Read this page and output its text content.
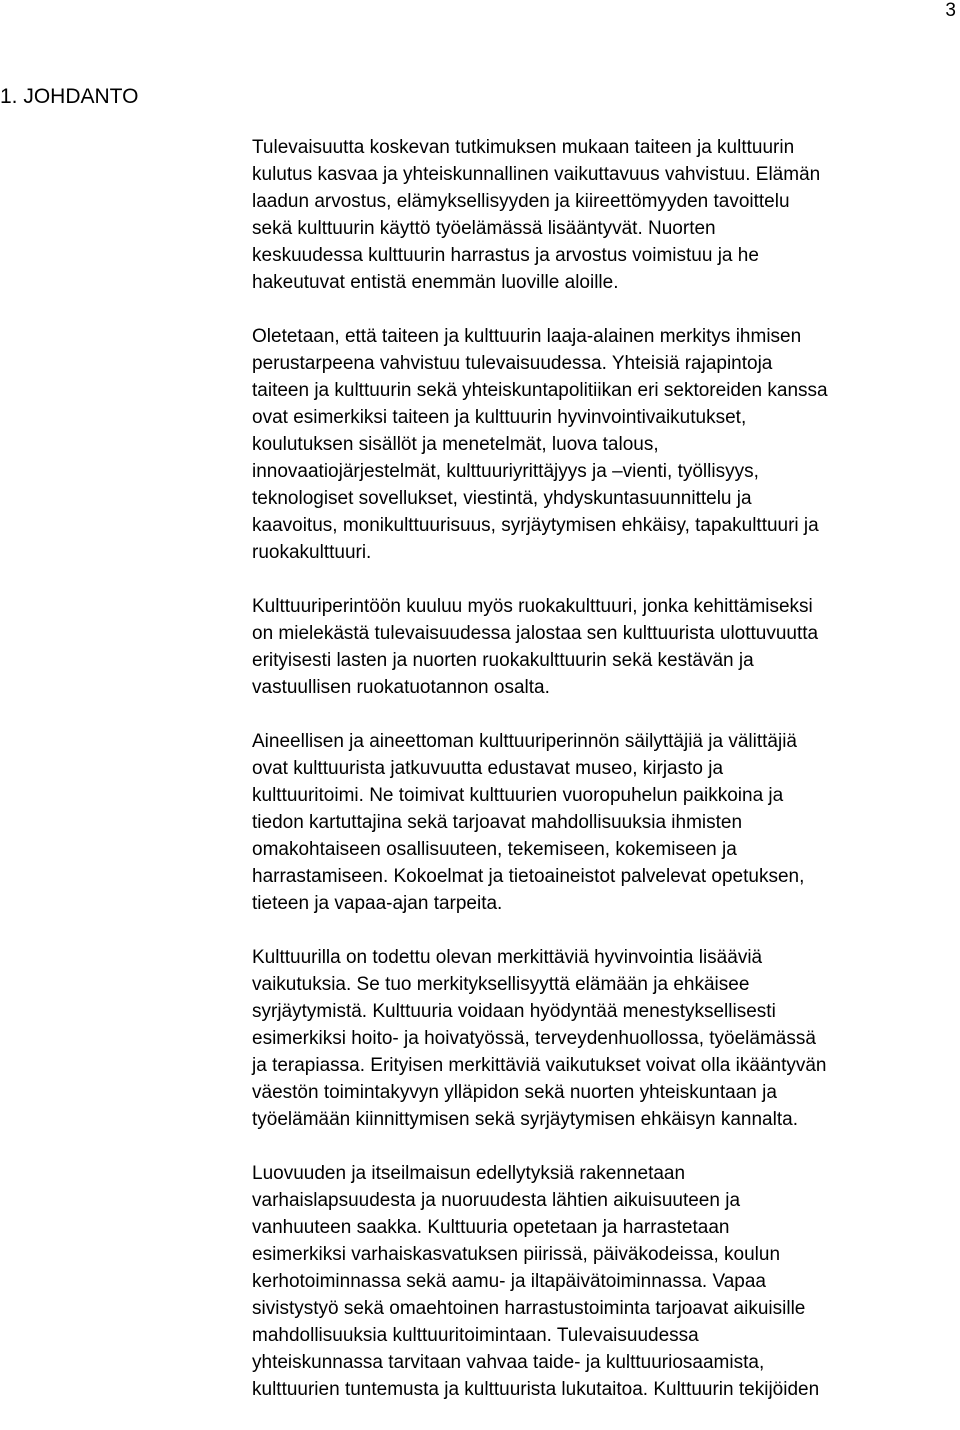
3
1. JOHDANTO

Tulevaisuutta koskevan tutkimuksen mukaan taiteen ja kulttuurin
kulutus kasvaa ja yhteiskunnallinen vaikuttavuus vahvistuu. Elämän
laadun arvostus, elämyksellisyyden ja kiireettömyyden tavoittelu
sekä kulttuurin käyttö työelämässä lisääntyvät. Nuorten
keskuudessa kulttuurin harrastus ja arvostus voimistuu ja he
hakeutuvat entistä enemmän luoville aloille.

Oletetaan, että taiteen ja kulttuurin laaja-alainen merkitys ihmisen
perustarpeena vahvistuu tulevaisuudessa. Yhteisiä rajapintoja
taiteen ja kulttuurin sekä yhteiskuntapolitiikan eri sektoreiden kanssa
ovat esimerkiksi taiteen ja kulttuurin hyvinvointivaikutukset,
koulutuksen sisällöt ja menetelmät, luova talous,
innovaatiojärjestelmät, kulttuuriyrittäjyys ja –vienti, työllisyys,
teknologiset sovellukset, viestintä, yhdyskuntasuunnittelu ja
kaavoitus, monikulttuurisuus, syrjäytymisen ehkäisy, tapakulttuuri ja
ruokakulttuuri.

Kulttuuriperintöön kuuluu myös ruokakulttuuri, jonka kehittämiseksi
on mielekästä tulevaisuudessa jalostaa sen kulttuurista ulottuvuutta
erityisesti lasten ja nuorten ruokakulttuurin sekä kestävän ja
vastuullisen ruokatuotannon osalta.

Aineellisen ja aineettoman kulttuuriperinnön säilyttäjiä ja välittäjiä
ovat kulttuurista jatkuvuutta edustavat museo, kirjasto ja
kulttuuritoimi. Ne toimivat kulttuurien vuoropuhelun paikkoina ja
tiedon kartuttajina sekä tarjoavat mahdollisuuksia ihmisten
omakohtaiseen osallisuuteen, tekemiseen, kokemiseen ja
harrastamiseen. Kokoelmat ja tietoaineistot palvelevat opetuksen,
tieteen ja vapaa-ajan tarpeita.

Kulttuurilla on todettu olevan merkittäviä hyvinvointia lisääviä
vaikutuksia. Se tuo merkityksellisyyttä elämään ja ehkäisee
syrjäytymistä. Kulttuuria voidaan hyödyntää menestyksellisesti
esimerkiksi hoito- ja hoivatyössä, terveydenhuollossa, työelämässä
ja terapiassa. Erityisen merkittäviä vaikutukset voivat olla ikääntyvän
väestön toimintakyvyn ylläpidon sekä nuorten yhteiskuntaan ja
työelämään kiinnittymisen sekä syrjäytymisen ehkäisyn kannalta.

Luovuuden ja itseilmaisun edellytyksiä rakennetaan
varhaislapsuudesta ja nuoruudesta lähtien aikuisuuteen ja
vanhuuteen saakka. Kulttuuria opetetaan ja harrastetaan
esimerkiksi varhaiskasvatuksen piirissä, päiväkodeissa, koulun
kerhotoiminnassa sekä aamu- ja iltapäivätoiminnassa. Vapaa
sivistystyö sekä omaehtoinen harrastustoiminta tarjoavat aikuisille
mahdollisuuksia kulttuuritoimintaan. Tulevaisuudessa
yhteiskunnassa tarvitaan vahvaa taide- ja kulttuuriosaamista,
kulttuurien tuntemusta ja kulttuurista lukutaitoa. Kulttuurin tekijöiden
